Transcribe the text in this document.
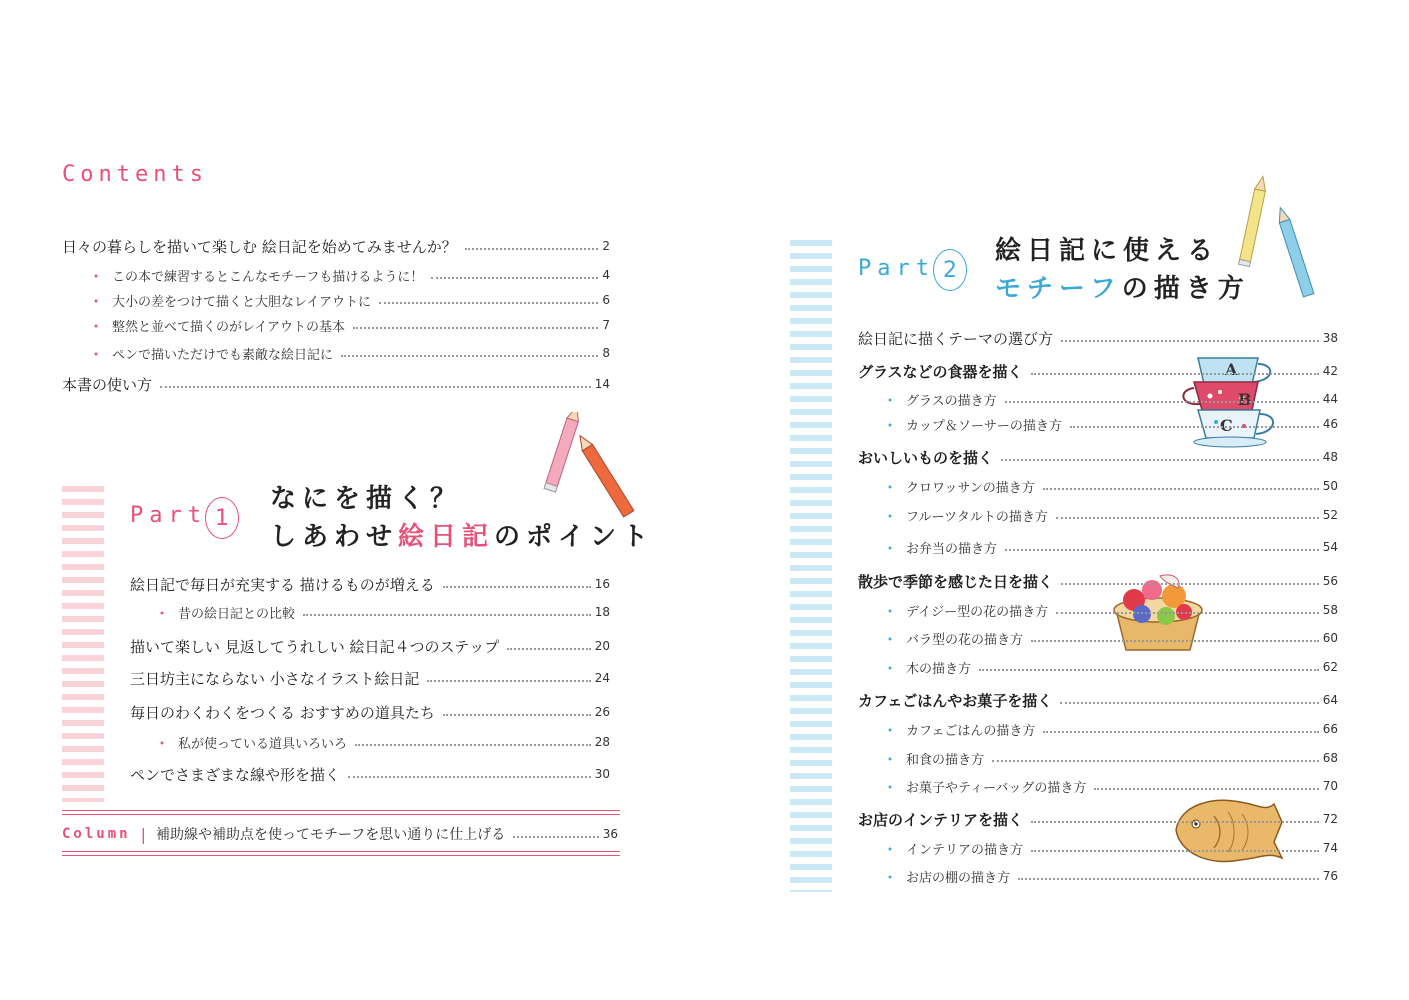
Contents
日々の暮らしを描いて楽しむ 絵日記を始めてみませんか？	2
・ この本で練習するとこんなモチーフも描けるように！	4
・ 大小の差をつけて描くと大胆なレイアウトに	6
・ 整然と並べて描くのがレイアウトの基本	7
・ ペンで描いただけでも素敵な絵日記に	8
本書の使い方	14
Part 1
なにを描く？
しあわせ絵日記のポイント
絵日記で毎日が充実する 描けるものが増える	16
・ 昔の絵日記との比較	18
描いて楽しい 見返してうれしい 絵日記４つのステップ	20
三日坊主にならない 小さなイラスト絵日記	24
毎日のわくわくをつくる おすすめの道具たち	26
・ 私が使っている道具いろいろ	28
ペンでさまざまな線や形を描く	30
Column | 補助線や補助点を使ってモチーフを思い通りに仕上げる	36
Part 2
絵日記に使える
モチーフの描き方
A
B
C
絵日記に描くテーマの選び方	38
グラスなどの食器を描く	42
・ グラスの描き方	44
・ カップ＆ソーサーの描き方	46
おいしいものを描く	48
・ クロワッサンの描き方	50
・ フルーツタルトの描き方	52
・ お弁当の描き方	54
散歩で季節を感じた日を描く	56
・ デイジー型の花の描き方	58
・ バラ型の花の描き方	60
・ 木の描き方	62
カフェごはんやお菓子を描く	64
・ カフェごはんの描き方	66
・ 和食の描き方	68
・ お菓子やティーバッグの描き方	70
お店のインテリアを描く	72
・ インテリアの描き方	74
・ お店の棚の描き方	76
